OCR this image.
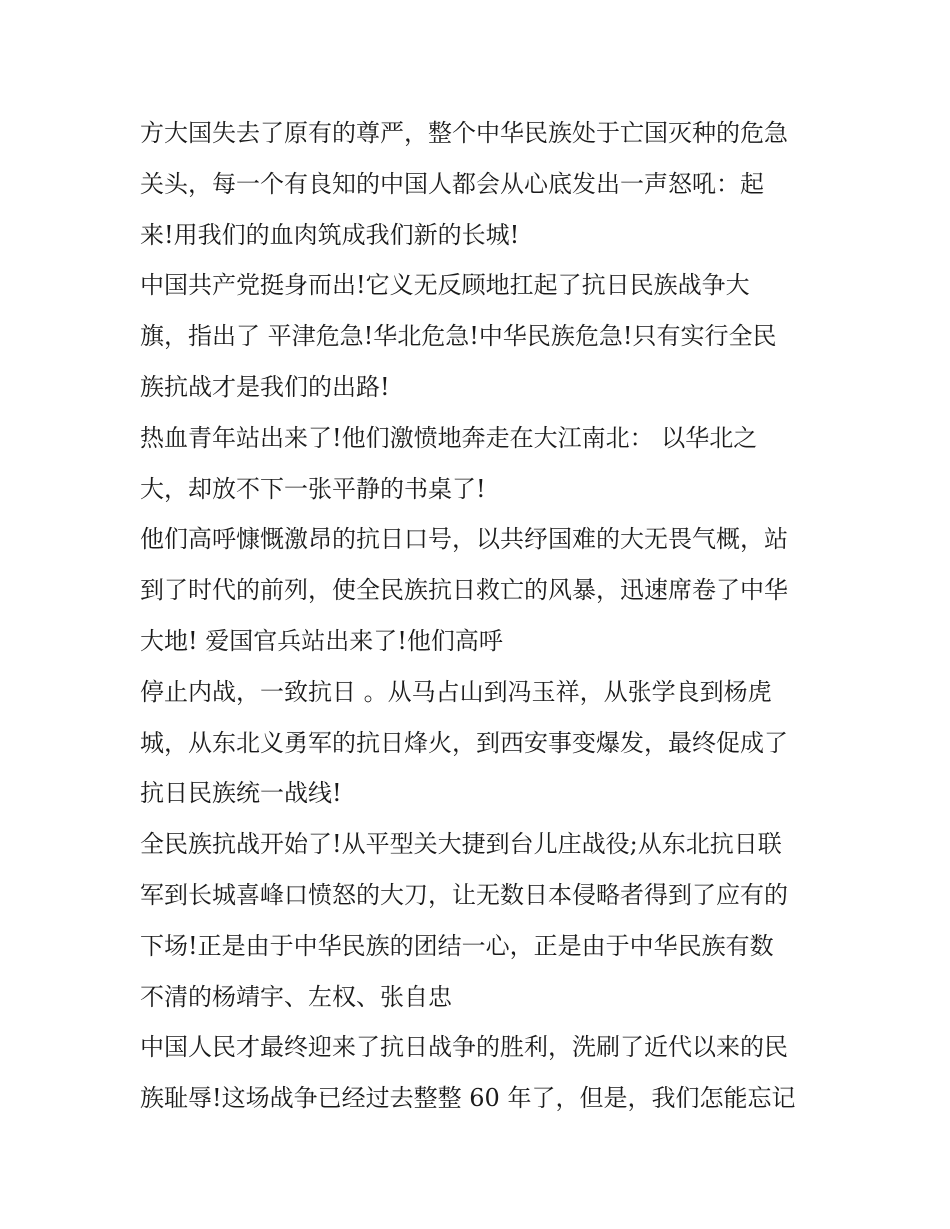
方大国失去了原有的尊严，整个中华民族处于亡国灭种的危急
关头，每一个有良知的中国人都会从心底发出一声怒吼：起
来!用我们的血肉筑成我们新的长城!
中国共产党挺身而出!它义无反顾地扛起了抗日民族战争大
旗，指出了 平津危急!华北危急!中华民族危急!只有实行全民
族抗战才是我们的出路!
热血青年站出来了!他们激愤地奔走在大江南北： 以华北之
大，却放不下一张平静的书桌了!
他们高呼慷慨激昂的抗日口号，以共纾国难的大无畏气概，站
到了时代的前列，使全民族抗日救亡的风暴，迅速席卷了中华
大地! 爱国官兵站出来了!他们高呼
停止内战，一致抗日 。从马占山到冯玉祥，从张学良到杨虎
城，从东北义勇军的抗日烽火，到西安事变爆发，最终促成了
抗日民族统一战线!
全民族抗战开始了!从平型关大捷到台儿庄战役;从东北抗日联
军到长城喜峰口愤怒的大刀，让无数日本侵略者得到了应有的
下场!正是由于中华民族的团结一心，正是由于中华民族有数
不清的杨靖宇、左权、张自忠
中国人民才最终迎来了抗日战争的胜利，洗刷了近代以来的民
族耻辱!这场战争已经过去整整 60 年了，但是，我们怎能忘记
